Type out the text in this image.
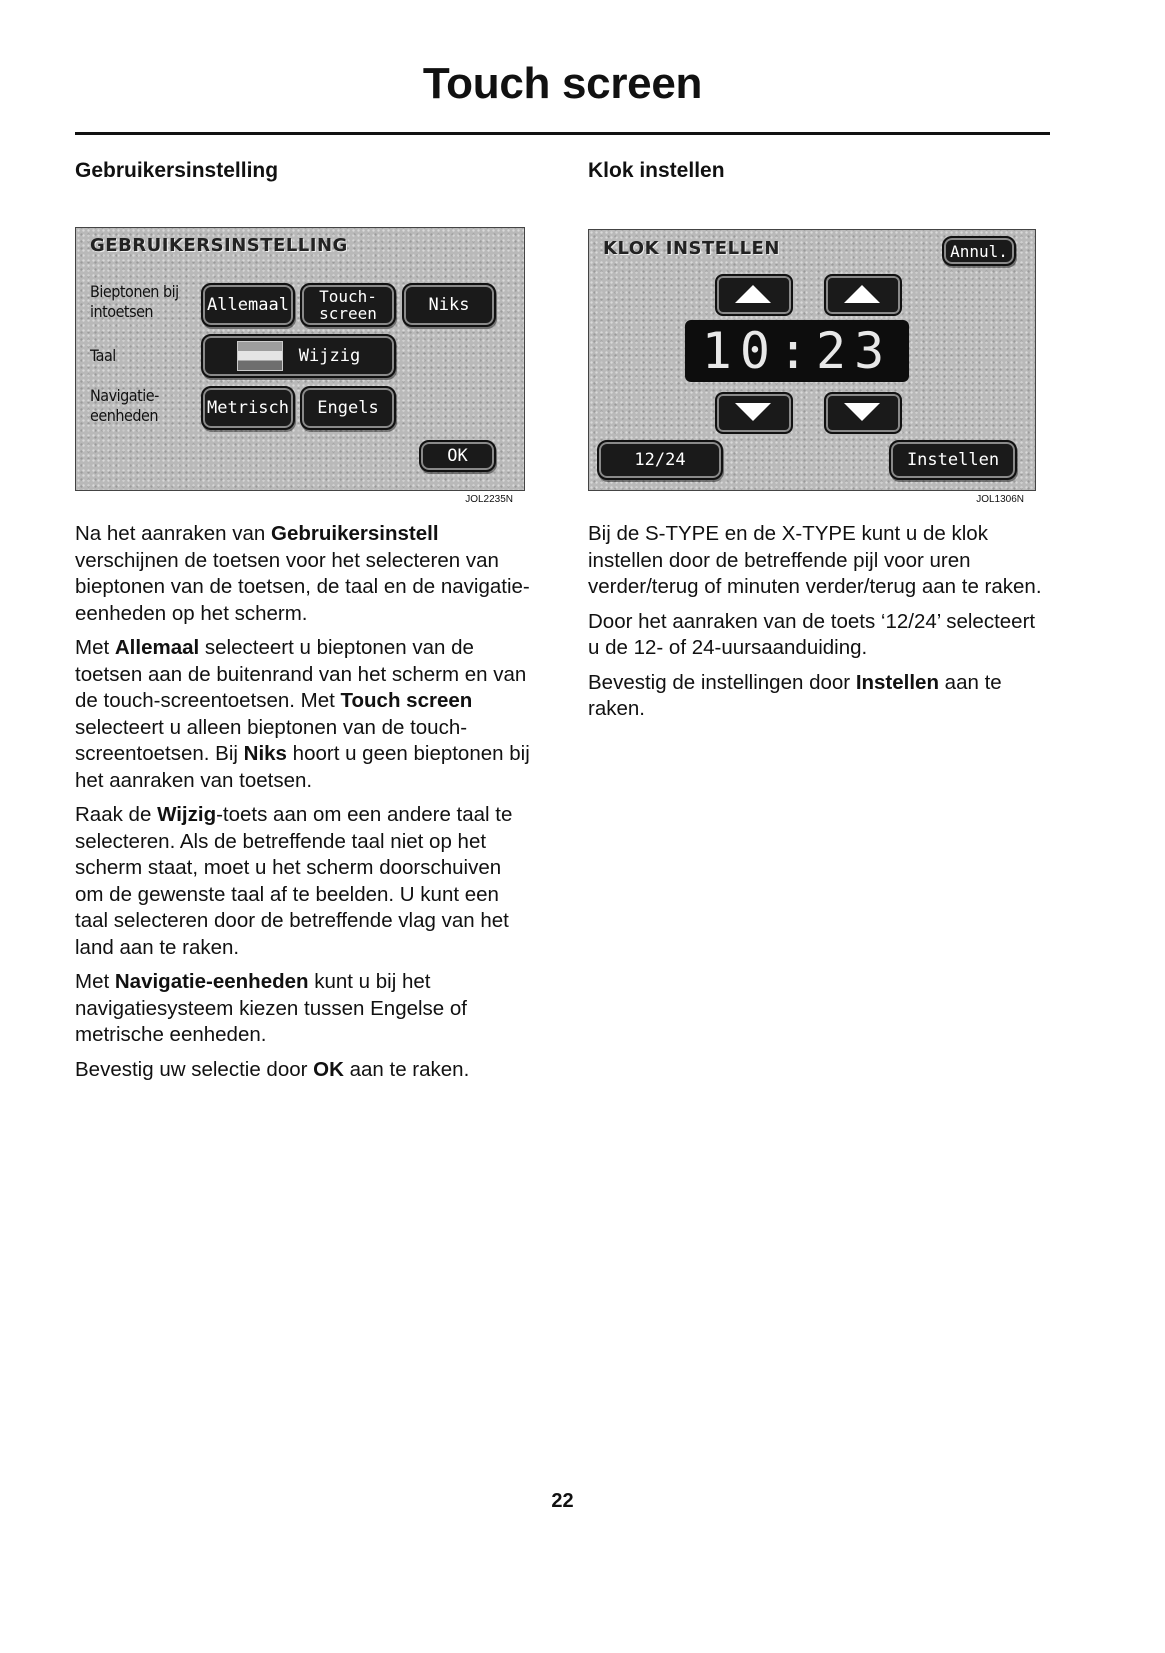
Touch screen
Gebruikersinstelling
GEBRUIKERSINSTELLING
Bieptonen bij
intoetsen
Taal
Navigatie-
eenheden
Allemaal	Touch-
screen	Niks
Wijzig
Metrisch	Engels
OK
JOL2235N

Na het aanraken van Gebruikersinstell verschijnen de toetsen voor het selecteren van bieptonen van de toetsen, de taal en de navigatie-eenheden op het scherm.

Met Allemaal selecteert u bieptonen van de toetsen aan de buitenrand van het scherm en van de touch-screentoetsen. Met Touch screen selecteert u alleen bieptonen van de touch-screentoetsen. Bij Niks hoort u geen bieptonen bij het aanraken van toetsen.

Raak de Wijzig-toets aan om een andere taal te selecteren. Als de betreffende taal niet op het scherm staat, moet u het scherm doorschuiven om de gewenste taal af te beelden. U kunt een taal selecteren door de betreffende vlag van het land aan te raken.

Met Navigatie-eenheden kunt u bij het navigatiesysteem kiezen tussen Engelse of metrische eenheden.

Bevestig uw selectie door OK aan te raken.

Klok instellen
KLOK INSTELLEN	Annul.
10:23
12/24	Instellen
JOL1306N

Bij de S-TYPE en de X-TYPE kunt u de klok instellen door de betreffende pijl voor uren verder/terug of minuten verder/terug aan te raken.

Door het aanraken van de toets ‘12/24’ selecteert u de 12- of 24-uursaanduiding.

Bevestig de instellingen door Instellen aan te raken.

22
